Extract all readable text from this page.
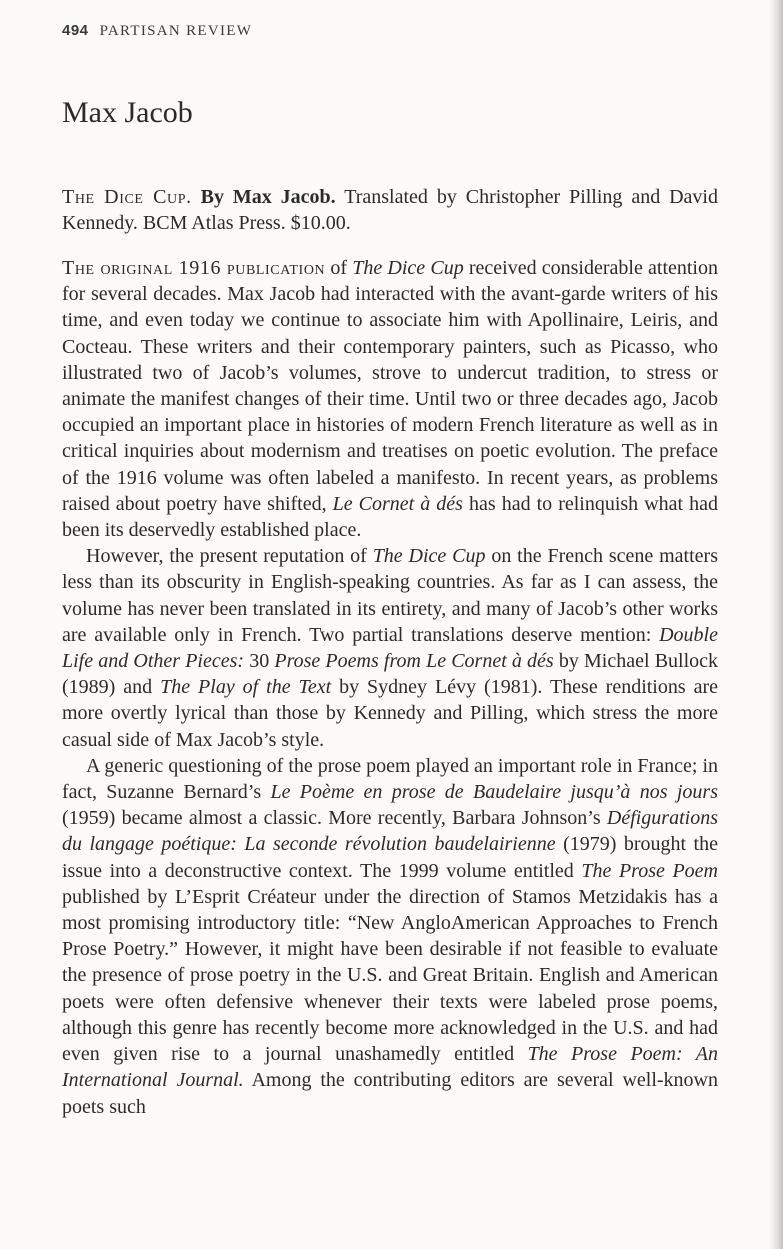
494 PARTISAN REVIEW
Max Jacob

The Dice Cup. By Max Jacob. Translated by Christopher Pilling and David Kennedy. BCM Atlas Press. $10.00.

The original 1916 publication of The Dice Cup received considerable attention for several decades. Max Jacob had interacted with the avant-garde writers of his time, and even today we continue to associate him with Apollinaire, Leiris, and Cocteau. These writers and their contemporary painters, such as Picasso, who illustrated two of Jacob’s volumes, strove to undercut tradition, to stress or animate the manifest changes of their time. Until two or three decades ago, Jacob occupied an important place in histories of modern French literature as well as in critical inquiries about modernism and treatises on poetic evolution. The preface of the 1916 volume was often labeled a manifesto. In recent years, as problems raised about poetry have shifted, Le Cornet à dés has had to relinquish what had been its deservedly established place.

However, the present reputation of The Dice Cup on the French scene matters less than its obscurity in English-speaking countries. As far as I can assess, the volume has never been translated in its entirety, and many of Jacob’s other works are available only in French. Two partial translations deserve mention: Double Life and Other Pieces: 30 Prose Poems from Le Cornet à dés by Michael Bullock (1989) and The Play of the Text by Sydney Lévy (1981). These renditions are more overtly lyrical than those by Kennedy and Pilling, which stress the more casual side of Max Jacob’s style.

A generic questioning of the prose poem played an important role in France; in fact, Suzanne Bernard’s Le Poème en prose de Baudelaire jusqu’à nos jours (1959) became almost a classic. More recently, Barbara Johnson’s Défigurations du langage poétique: La seconde révolution baudelairienne (1979) brought the issue into a deconstructive context. The 1999 volume entitled The Prose Poem published by L’Esprit Créateur under the direction of Stamos Metzidakis has a most promising introductory title: “New AngloAmerican Approaches to French Prose Poetry.” However, it might have been desirable if not feasible to evaluate the presence of prose poetry in the U.S. and Great Britain. English and American poets were often defensive whenever their texts were labeled prose poems, although this genre has recently become more acknowledged in the U.S. and had even given rise to a journal unashamedly entitled The Prose Poem: An International Journal. Among the contributing editors are several well-known poets such
